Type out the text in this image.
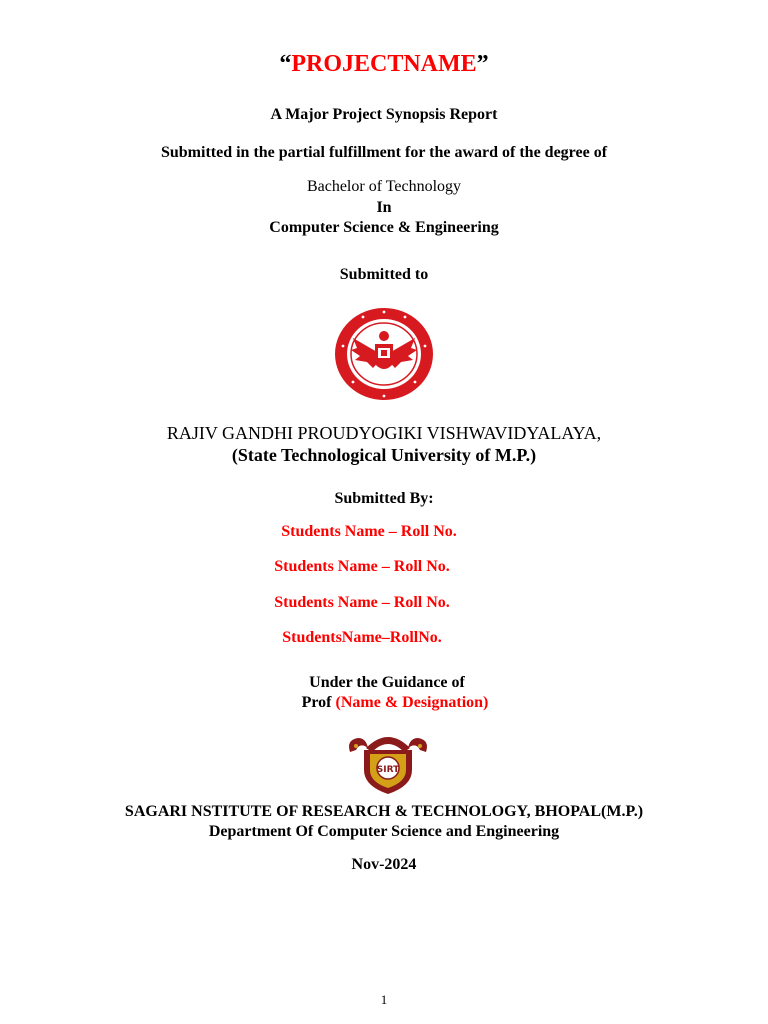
“PROJECTNAME”
A Major Project Synopsis Report
Submitted in the partial fulfillment for the award of the degree of
Bachelor of Technology
In
Computer Science & Engineering
Submitted to
RAJIV GANDHI PROUDYOGIKI VISHWAVIDYALAYA,
(State Technological University of M.P.)
Submitted By:
Students Name – Roll No.
Students Name – Roll No.
Students Name – Roll No.
StudentsName–RollNo.
Under the Guidance of
Prof (Name & Designation)
SIRT
SAGARI NSTITUTE OF RESEARCH & TECHNOLOGY, BHOPAL(M.P.)
Department Of Computer Science and Engineering
Nov-2024
1
